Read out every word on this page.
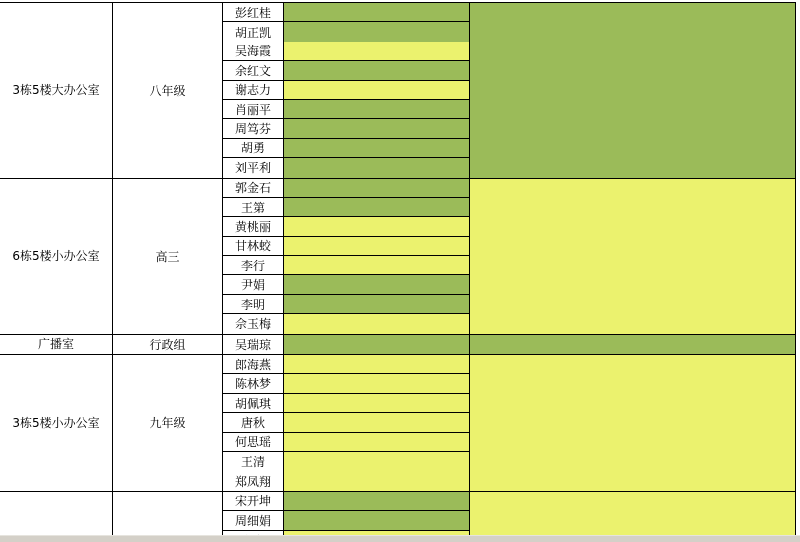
3栋5楼大办公室	八年级
彭红桂
胡正凯
吴海霞
余红文
谢志力
肖丽平
周笃芬
胡勇
刘平利
6栋5楼小办公室	高三
郭金石
王第
黄桃丽
甘林蛟
李行
尹娟
李明
佘玉梅
广播室	行政组	吴瑞琼
3栋5楼小办公室	九年级
郎海燕
陈林梦
胡佩琪
唐秋
何思瑶
王清
郑凤翔
宋开坤
周细娟
